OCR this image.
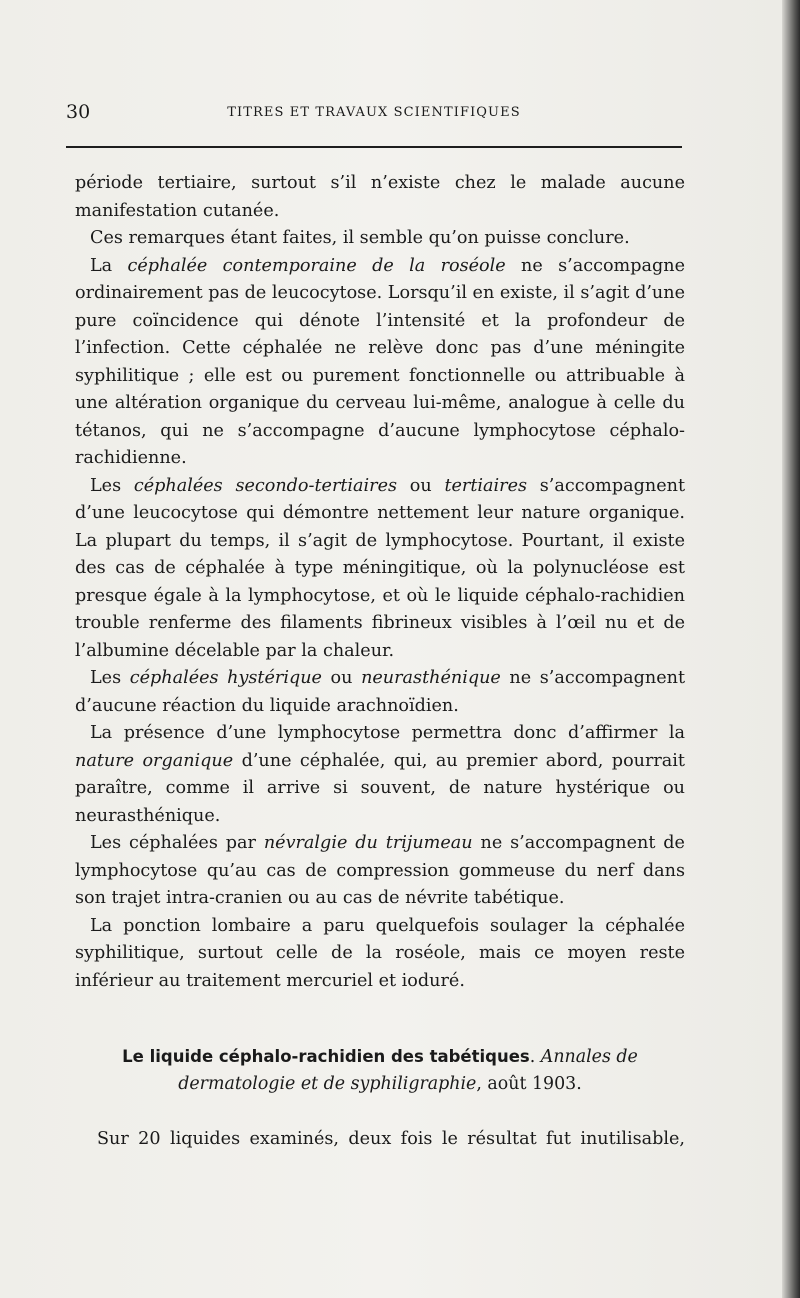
30	TITRES ET TRAVAUX SCIENTIFIQUES

période tertiaire, surtout s’il n’existe chez le malade aucune manifestation cutanée.

Ces remarques étant faites, il semble qu’on puisse conclure.

La céphalée contemporaine de la roséole ne s’accompagne ordinairement pas de leucocytose. Lorsqu’il en existe, il s’agit d’une pure coïncidence qui dénote l’intensité et la profondeur de l’infection. Cette céphalée ne relève donc pas d’une méningite syphilitique ; elle est ou purement fonctionnelle ou attribuable à une altération organique du cerveau lui-même, analogue à celle du tétanos, qui ne s’accompagne d’aucune lymphocytose céphalo-rachidienne.

Les céphalées secondo-tertiaires ou tertiaires s’accompagnent d’une leucocytose qui démontre nettement leur nature organique. La plupart du temps, il s’agit de lymphocytose. Pourtant, il existe des cas de céphalée à type méningitique, où la polynucléose est presque égale à la lymphocytose, et où le liquide céphalo-rachidien trouble renferme des filaments fibrineux visibles à l’œil nu et de l’albumine décelable par la chaleur.

Les céphalées hystérique ou neurasthénique ne s’accompagnent d’aucune réaction du liquide arachnoïdien.

La présence d’une lymphocytose permettra donc d’affirmer la nature organique d’une céphalée, qui, au premier abord, pourrait paraître, comme il arrive si souvent, de nature hystérique ou neurasthénique.

Les céphalées par névralgie du trijumeau ne s’accompagnent de lymphocytose qu’au cas de compression gommeuse du nerf dans son trajet intra-cranien ou au cas de névrite tabétique.

La ponction lombaire a paru quelquefois soulager la céphalée syphilitique, surtout celle de la roséole, mais ce moyen reste inférieur au traitement mercuriel et ioduré.

Le liquide céphalo-rachidien des tabétiques. Annales de dermatologie et de syphiligraphie, août 1903.
Sur 20 liquides examinés, deux fois le résultat fut inutilisable,
